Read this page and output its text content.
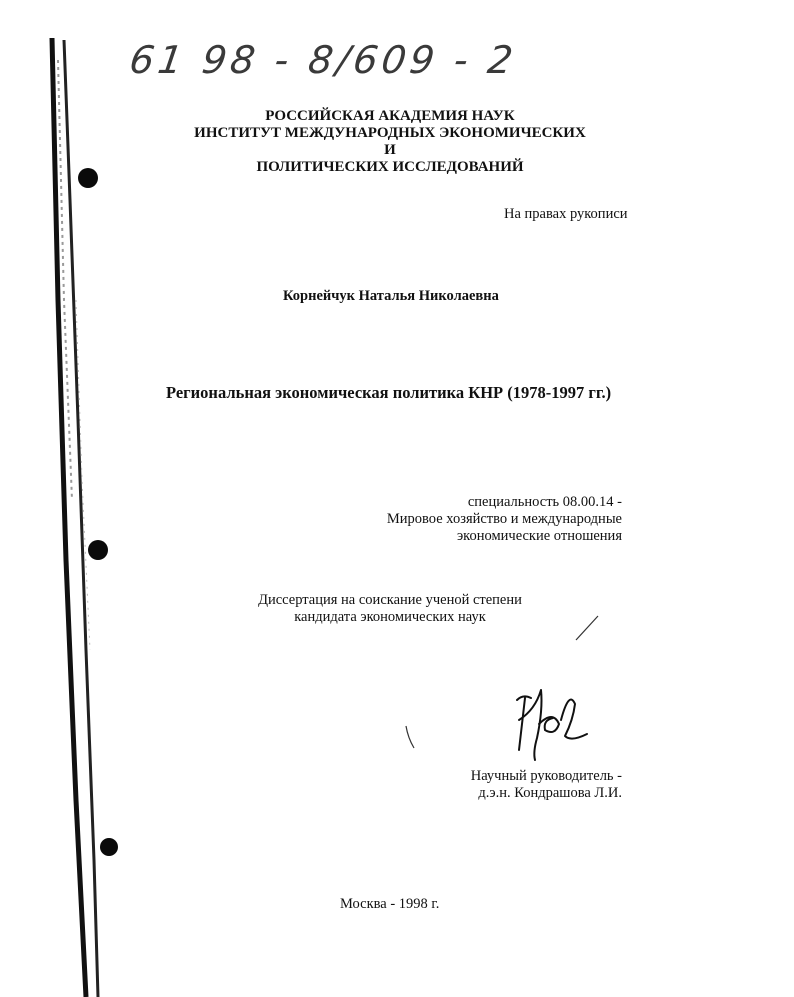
61 98 - 8/609 - 2
РОССИЙСКАЯ АКАДЕМИЯ НАУК
ИНСТИТУТ МЕЖДУНАРОДНЫХ ЭКОНОМИЧЕСКИХ И
ПОЛИТИЧЕСКИХ ИССЛЕДОВАНИЙ
На правах рукописи
Корнейчук Наталья Николаевна
Региональная экономическая политика КНР (1978-1997 гг.)
специальность 08.00.14 -
Мировое хозяйство и международные
экономические отношения
Диссертация на соискание ученой степени
кандидата экономических наук
Научный руководитель -
д.э.н. Кондрашова Л.И.
Москва - 1998 г.
